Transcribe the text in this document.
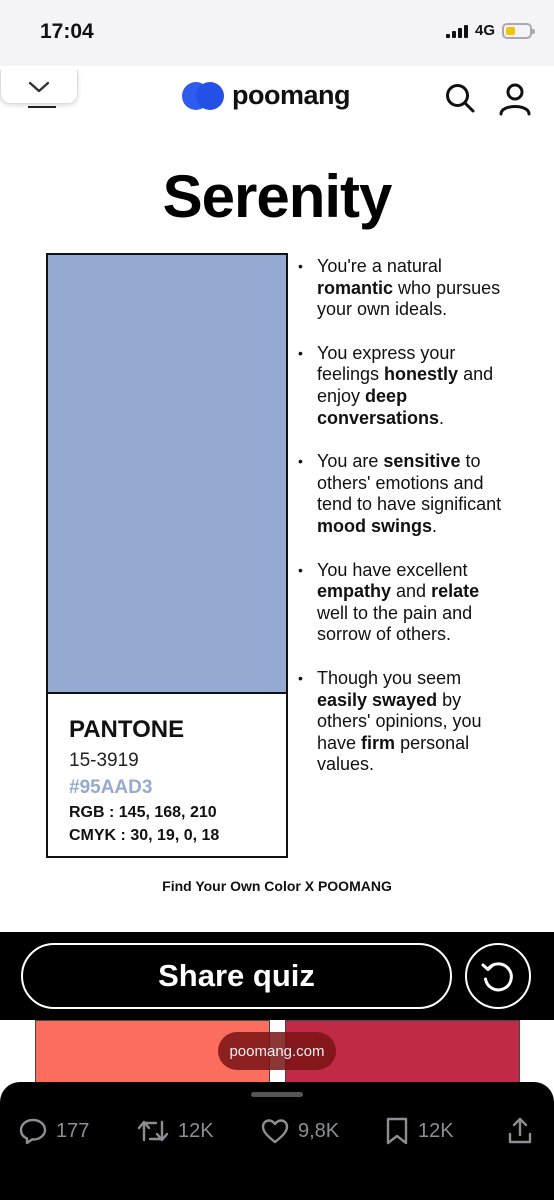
17:04	4G
poomang
Serenity
PANTONE
15-3919
#95AAD3
RGB : 145, 168, 210
CMYK : 30, 19, 0, 18
• You're a natural romantic who pursues your own ideals.
• You express your feelings honestly and enjoy deep conversations.
• You are sensitive to others' emotions and tend to have significant mood swings.
• You have excellent empathy and relate well to the pain and sorrow of others.
• Though you seem easily swayed by others' opinions, you have firm personal values.
Find Your Own Color X POOMANG
Share quiz
poomang.com
177	12K	9,8K	12K
